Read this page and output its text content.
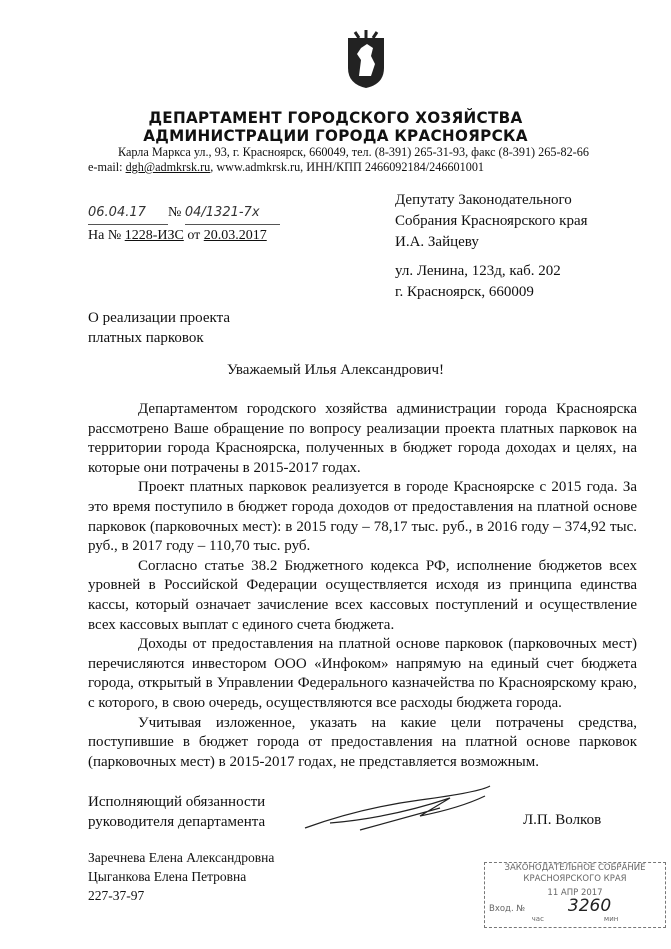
ДЕПАРТАМЕНТ ГОРОДСКОГО ХОЗЯЙСТВА
АДМИНИСТРАЦИИ ГОРОДА КРАСНОЯРСКА
Карла Маркса ул., 93, г. Красноярск, 660049, тел. (8-391) 265-31-93, факс (8-391) 265-82-66
e-mail: dgh@admkrsk.ru, www.admkrsk.ru, ИНН/КПП 2466092184/246601001
06.04.17 № 04/1321-7х
На № 1228-ИЗС от 20.03.2017
Депутату Законодательного
Собрания Красноярского края
И.А. Зайцеву
ул. Ленина, 123д, каб. 202
г. Красноярск, 660009
О реализации проекта
платных парковок
Уважаемый Илья Александрович!

Департаментом городского хозяйства администрации города Красноярска рассмотрено Ваше обращение по вопросу реализации проекта платных парковок на территории города Красноярска, полученных в бюджет города доходах и целях, на которые они потрачены в 2015-2017 годах.

Проект платных парковок реализуется в городе Красноярске с 2015 года. За это время поступило в бюджет города доходов от предоставления на платной основе парковок (парковочных мест): в 2015 году – 78,17 тыс. руб., в 2016 году – 374,92 тыс. руб., в 2017 году – 110,70 тыс. руб.

Согласно статье 38.2 Бюджетного кодекса РФ, исполнение бюджетов всех уровней в Российской Федерации осуществляется исходя из принципа единства кассы, который означает зачисление всех кассовых поступлений и осуществление всех кассовых выплат с единого счета бюджета.

Доходы от предоставления на платной основе парковок (парковочных мест) перечисляются инвестором ООО «Инфоком» напрямую на единый счет бюджета города, открытый в Управлении Федерального казначейства по Красноярскому краю, с которого, в свою очередь, осуществляются все расходы бюджета города.

Учитывая изложенное, указать на какие цели потрачены средства, поступившие в бюджет города от предоставления на платной основе парковок (парковочных мест) в 2015-2017 годах, не представляется возможным.

Исполняющий обязанности
руководителя департамента	Л.П. Волков
Заречнева Елена Александровна
Цыганкова Елена Петровна
227-37-97
ЗАКОНОДАТЕЛЬНОЕ СОБРАНИЕ
КРАСНОЯРСКОГО КРАЯ
11 АПР 2017
Вход. №	3260
час	мин
